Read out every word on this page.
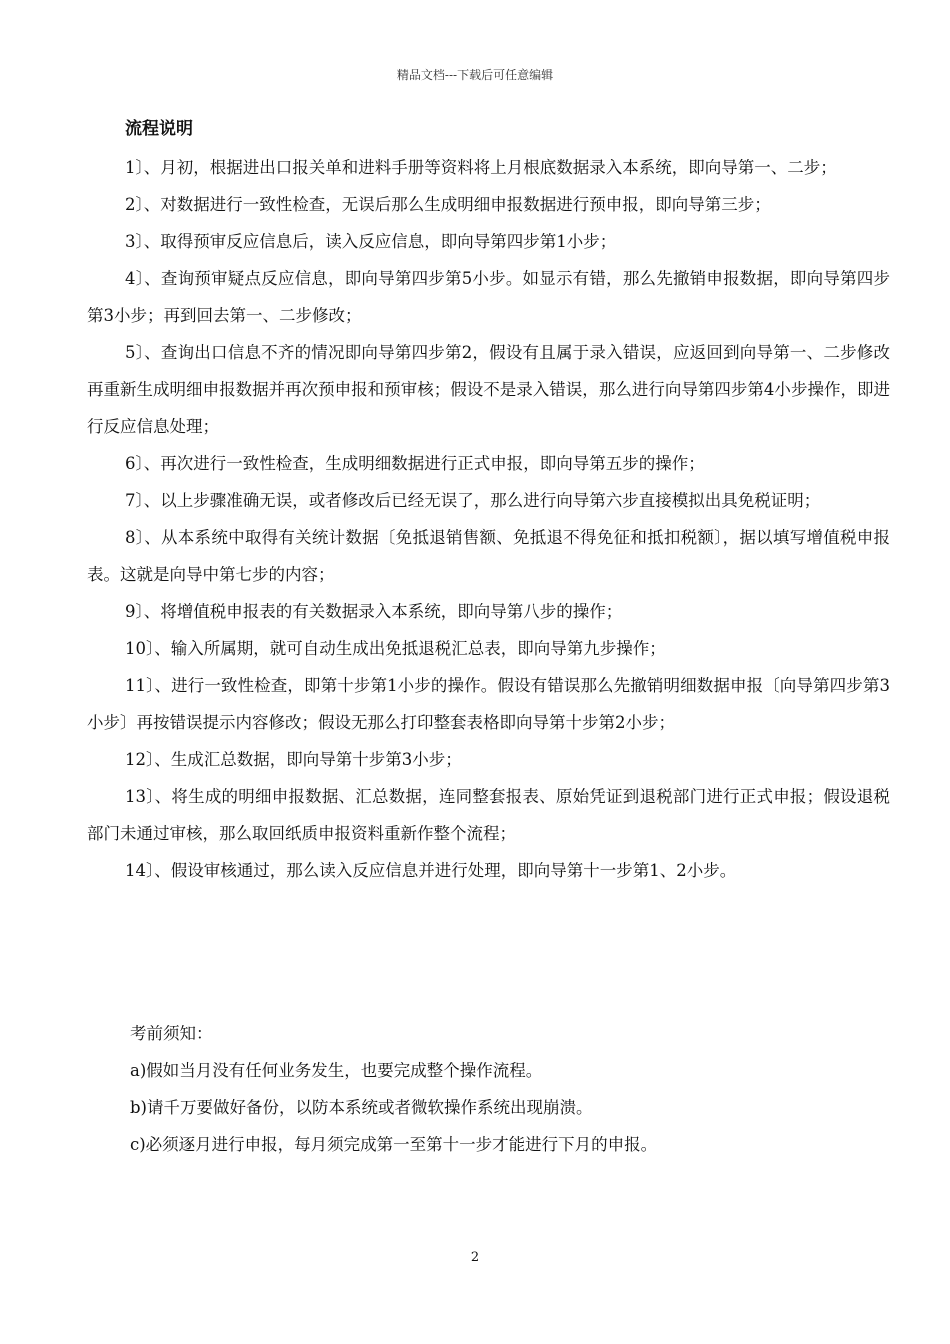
精品文档---下载后可任意编辑
流程说明

1〕、月初，根据进出口报关单和进料手册等资料将上月根底数据录入本系统，即向导第一、二步；

2〕、对数据进行一致性检查，无误后那么生成明细申报数据进行预申报，即向导第三步；

3〕、取得预审反应信息后，读入反应信息，即向导第四步第1小步；

4〕、查询预审疑点反应信息，即向导第四步第5小步。如显示有错，那么先撤销申报数据，即向导第四步第3小步；再到回去第一、二步修改；

5〕、查询出口信息不齐的情况即向导第四步第2，假设有且属于录入错误，应返回到向导第一、二步修改再重新生成明细申报数据并再次预申报和预审核；假设不是录入错误，那么进行向导第四步第4小步操作，即进行反应信息处理；

6〕、再次进行一致性检查，生成明细数据进行正式申报，即向导第五步的操作；

7〕、以上步骤准确无误，或者修改后已经无误了，那么进行向导第六步直接模拟出具免税证明；

8〕、从本系统中取得有关统计数据〔免抵退销售额、免抵退不得免征和抵扣税额〕，据以填写增值税申报表。这就是向导中第七步的内容；

9〕、将增值税申报表的有关数据录入本系统，即向导第八步的操作；

10〕、输入所属期，就可自动生成出免抵退税汇总表，即向导第九步操作；

11〕、进行一致性检查，即第十步第1小步的操作。假设有错误那么先撤销明细数据申报〔向导第四步第3小步〕再按错误提示内容修改；假设无那么打印整套表格即向导第十步第2小步；

12〕、生成汇总数据，即向导第十步第3小步；

13〕、将生成的明细申报数据、汇总数据，连同整套报表、原始凭证到退税部门进行正式申报；假设退税部门未通过审核，那么取回纸质申报资料重新作整个流程；

14〕、假设审核通过，那么读入反应信息并进行处理，即向导第十一步第1、2小步。

考前须知：

a)假如当月没有任何业务发生，也要完成整个操作流程。

b)请千万要做好备份，以防本系统或者微软操作系统出现崩溃。

c)必须逐月进行申报，每月须完成第一至第十一步才能进行下月的申报。

2
